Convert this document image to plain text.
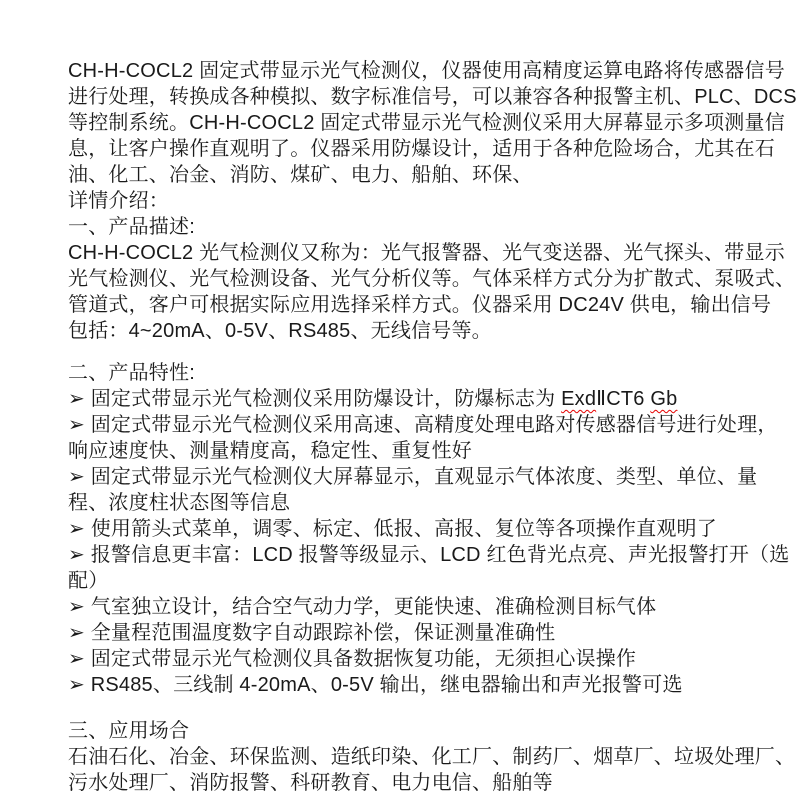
CH-H-COCL2 固定式带显示光气检测仪，仪器使用高精度运算电路将传感器信号
进行处理，转换成各种模拟、数字标准信号，可以兼容各种报警主机、PLC、DCS
等控制系统。CH-H-COCL2 固定式带显示光气检测仪采用大屏幕显示多项测量信
息，让客户操作直观明了。仪器采用防爆设计，适用于各种危险场合，尤其在石
油、化工、冶金、消防、煤矿、电力、船舶、环保、
详情介绍：
一、产品描述:
CH-H-COCL2 光气检测仪又称为：光气报警器、光气变送器、光气探头、带显示
光气检测仪、光气检测设备、光气分析仪等。气体采样方式分为扩散式、泵吸式、
管道式，客户可根据实际应用选择采样方式。仪器采用 DC24V 供电，输出信号
包括：4~20mA、0-5V、RS485、无线信号等。
二、产品特性:
➢ 固定式带显示光气检测仪采用防爆设计，防爆标志为 ExdⅡCT6 Gb
➢ 固定式带显示光气检测仪采用高速、高精度处理电路对传感器信号进行处理，
响应速度快、测量精度高，稳定性、重复性好
➢ 固定式带显示光气检测仪大屏幕显示，直观显示气体浓度、类型、单位、量
程、浓度柱状态图等信息
➢ 使用箭头式菜单，调零、标定、低报、高报、复位等各项操作直观明了
➢ 报警信息更丰富：LCD 报警等级显示、LCD 红色背光点亮、声光报警打开（选
配）
➢ 气室独立设计，结合空气动力学，更能快速、准确检测目标气体
➢ 全量程范围温度数字自动跟踪补偿，保证测量准确性
➢ 固定式带显示光气检测仪具备数据恢复功能，无须担心误操作
➢ RS485、三线制 4-20mA、0-5V 输出，继电器输出和声光报警可选
三、应用场合
石油石化、冶金、环保监测、造纸印染、化工厂、制药厂、烟草厂、垃圾处理厂、
污水处理厂、消防报警、科研教育、电力电信、船舶等
